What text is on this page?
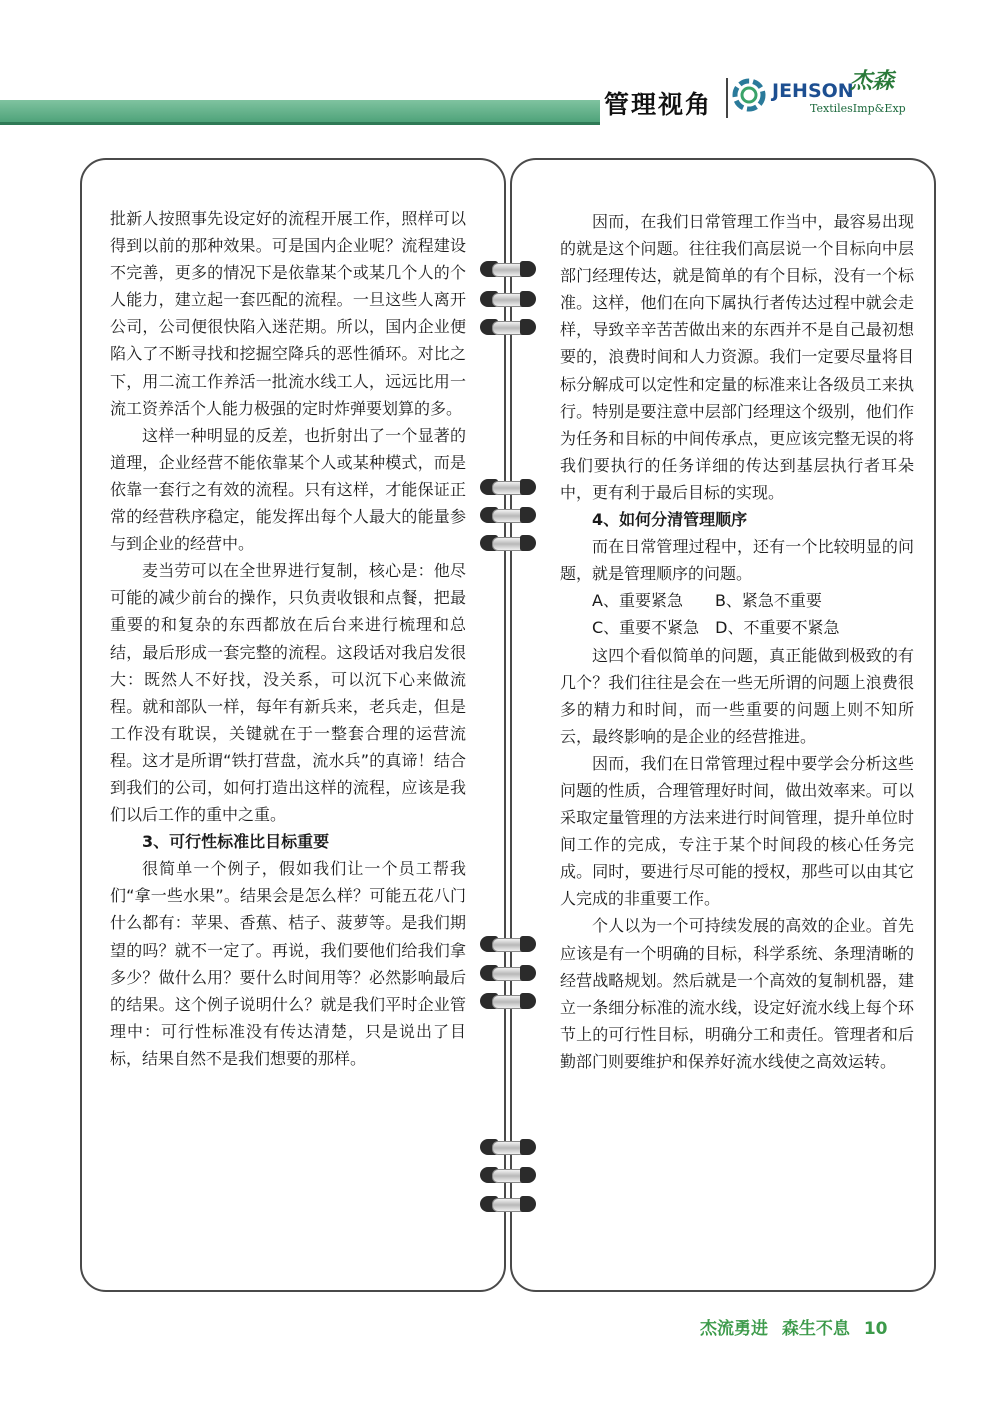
管理视角	JEHSON
TextilesImp&Exp
杰森

批新人按照事先设定好的流程开展工作，照样可以得到以前的那种效果。可是国内企业呢？流程建设不完善，更多的情况下是依靠某个或某几个人的个人能力，建立起一套匹配的流程。一旦这些人离开公司，公司便很快陷入迷茫期。所以，国内企业便陷入了不断寻找和挖掘空降兵的恶性循环。对比之下，用二流工作养活一批流水线工人，远远比用一流工资养活个人能力极强的定时炸弹要划算的多。

这样一种明显的反差，也折射出了一个显著的道理，企业经营不能依靠某个人或某种模式，而是依靠一套行之有效的流程。只有这样，才能保证正常的经营秩序稳定，能发挥出每个人最大的能量参与到企业的经营中。

麦当劳可以在全世界进行复制，核心是：他尽可能的减少前台的操作，只负责收银和点餐，把最重要的和复杂的东西都放在后台来进行梳理和总结，最后形成一套完整的流程。这段话对我启发很大：既然人不好找，没关系，可以沉下心来做流程。就和部队一样，每年有新兵来，老兵走，但是工作没有耽误，关键就在于一整套合理的运营流程。这才是所谓“铁打营盘，流水兵”的真谛！结合到我们的公司，如何打造出这样的流程，应该是我们以后工作的重中之重。

3、可行性标准比目标重要

很简单一个例子，假如我们让一个员工帮我们“拿一些水果”。结果会是怎么样？可能五花八门什么都有：苹果、香蕉、桔子、菠萝等。是我们期望的吗？就不一定了。再说，我们要他们给我们拿多少？做什么用？要什么时间用等？必然影响最后的结果。这个例子说明什么？就是我们平时企业管理中：可行性标准没有传达清楚，只是说出了目标，结果自然不是我们想要的那样。

因而，在我们日常管理工作当中，最容易出现的就是这个问题。往往我们高层说一个目标向中层部门经理传达，就是简单的有个目标，没有一个标准。这样，他们在向下属执行者传达过程中就会走样，导致辛辛苦苦做出来的东西并不是自己最初想要的，浪费时间和人力资源。我们一定要尽量将目标分解成可以定性和定量的标准来让各级员工来执行。特别是要注意中层部门经理这个级别，他们作为任务和目标的中间传承点，更应该完整无误的将我们要执行的任务详细的传达到基层执行者耳朵中，更有利于最后目标的实现。

4、如何分清管理顺序

而在日常管理过程中，还有一个比较明显的问题，就是管理顺序的问题。

A、重要紧急　　B、紧急不重要

C、重要不紧急　D、不重要不紧急

这四个看似简单的问题，真正能做到极致的有几个？我们往往是会在一些无所谓的问题上浪费很多的精力和时间，而一些重要的问题上则不知所云，最终影响的是企业的经营推进。

因而，我们在日常管理过程中要学会分析这些问题的性质，合理管理好时间，做出效率来。可以采取定量管理的方法来进行时间管理，提升单位时间工作的完成，专注于某个时间段的核心任务完成。同时，要进行尽可能的授权，那些可以由其它人完成的非重要工作。

个人以为一个可持续发展的高效的企业。首先应该是有一个明确的目标，科学系统、条理清晰的经营战略规划。然后就是一个高效的复制机器，建立一条细分标准的流水线，设定好流水线上每个环节上的可行性目标，明确分工和责任。管理者和后勤部门则要维护和保养好流水线使之高效运转。

杰流勇进 森生不息 10
